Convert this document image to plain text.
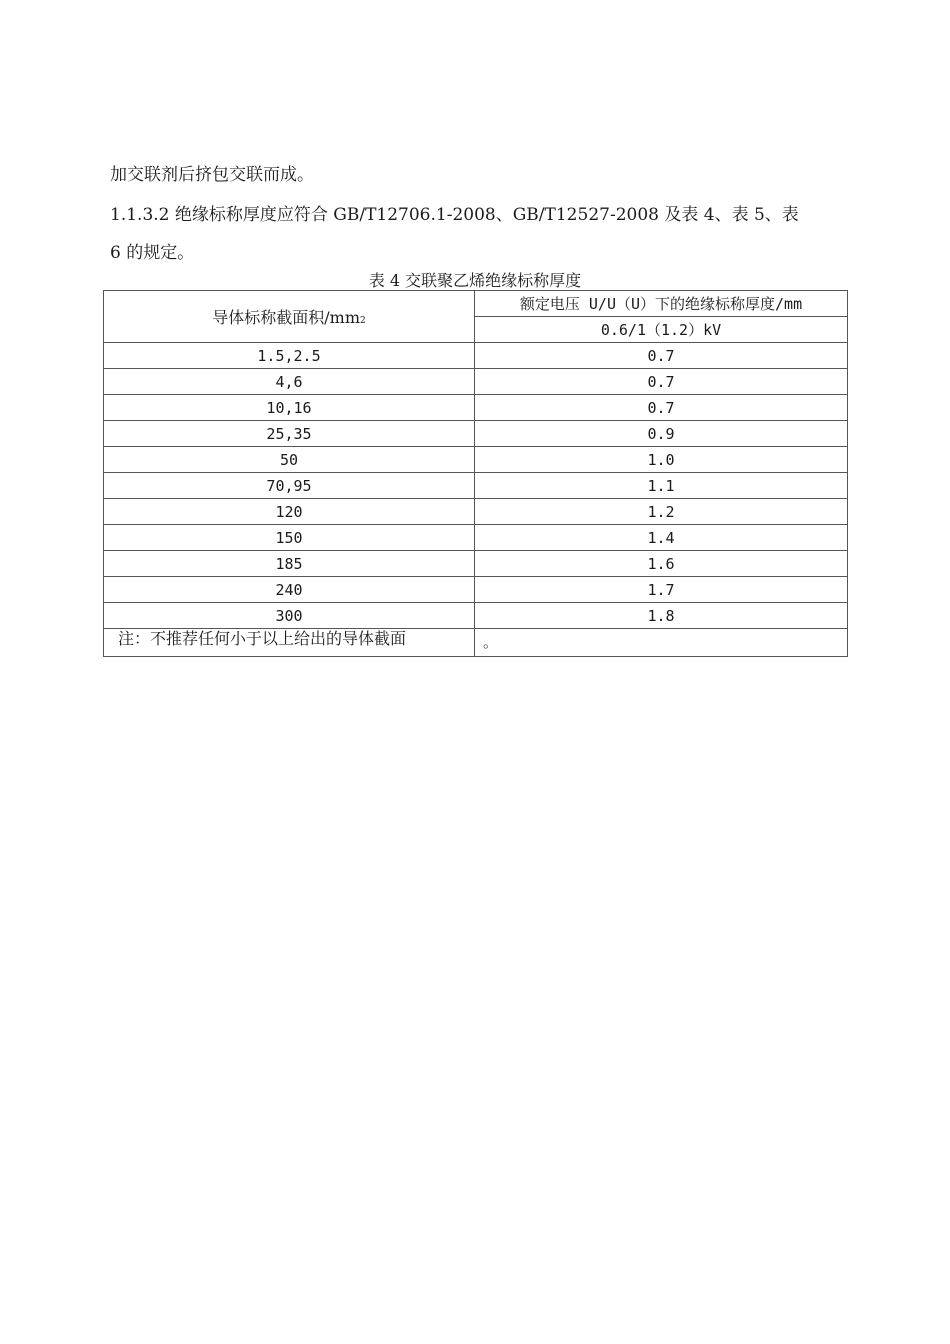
加交联剂后挤包交联而成。
1.1.3.2 绝缘标称厚度应符合 GB/T12706.1-2008、GB/T12527-2008 及表 4、表 5、表
6 的规定。
表 4 交联聚乙烯绝缘标称厚度
导体标称截面积/mm2	额定电压 U/U（U）下的绝缘标称厚度/mm
	0.6/1（1.2）kV
1.5,2.5	0.7
4,6	0.7
10,16	0.7
25,35	0.9
50	1.0
70,95	1.1
120	1.2
150	1.4
185	1.6
240	1.7
300	1.8
注：不推荐任何小于以上给出的导体截面	。
